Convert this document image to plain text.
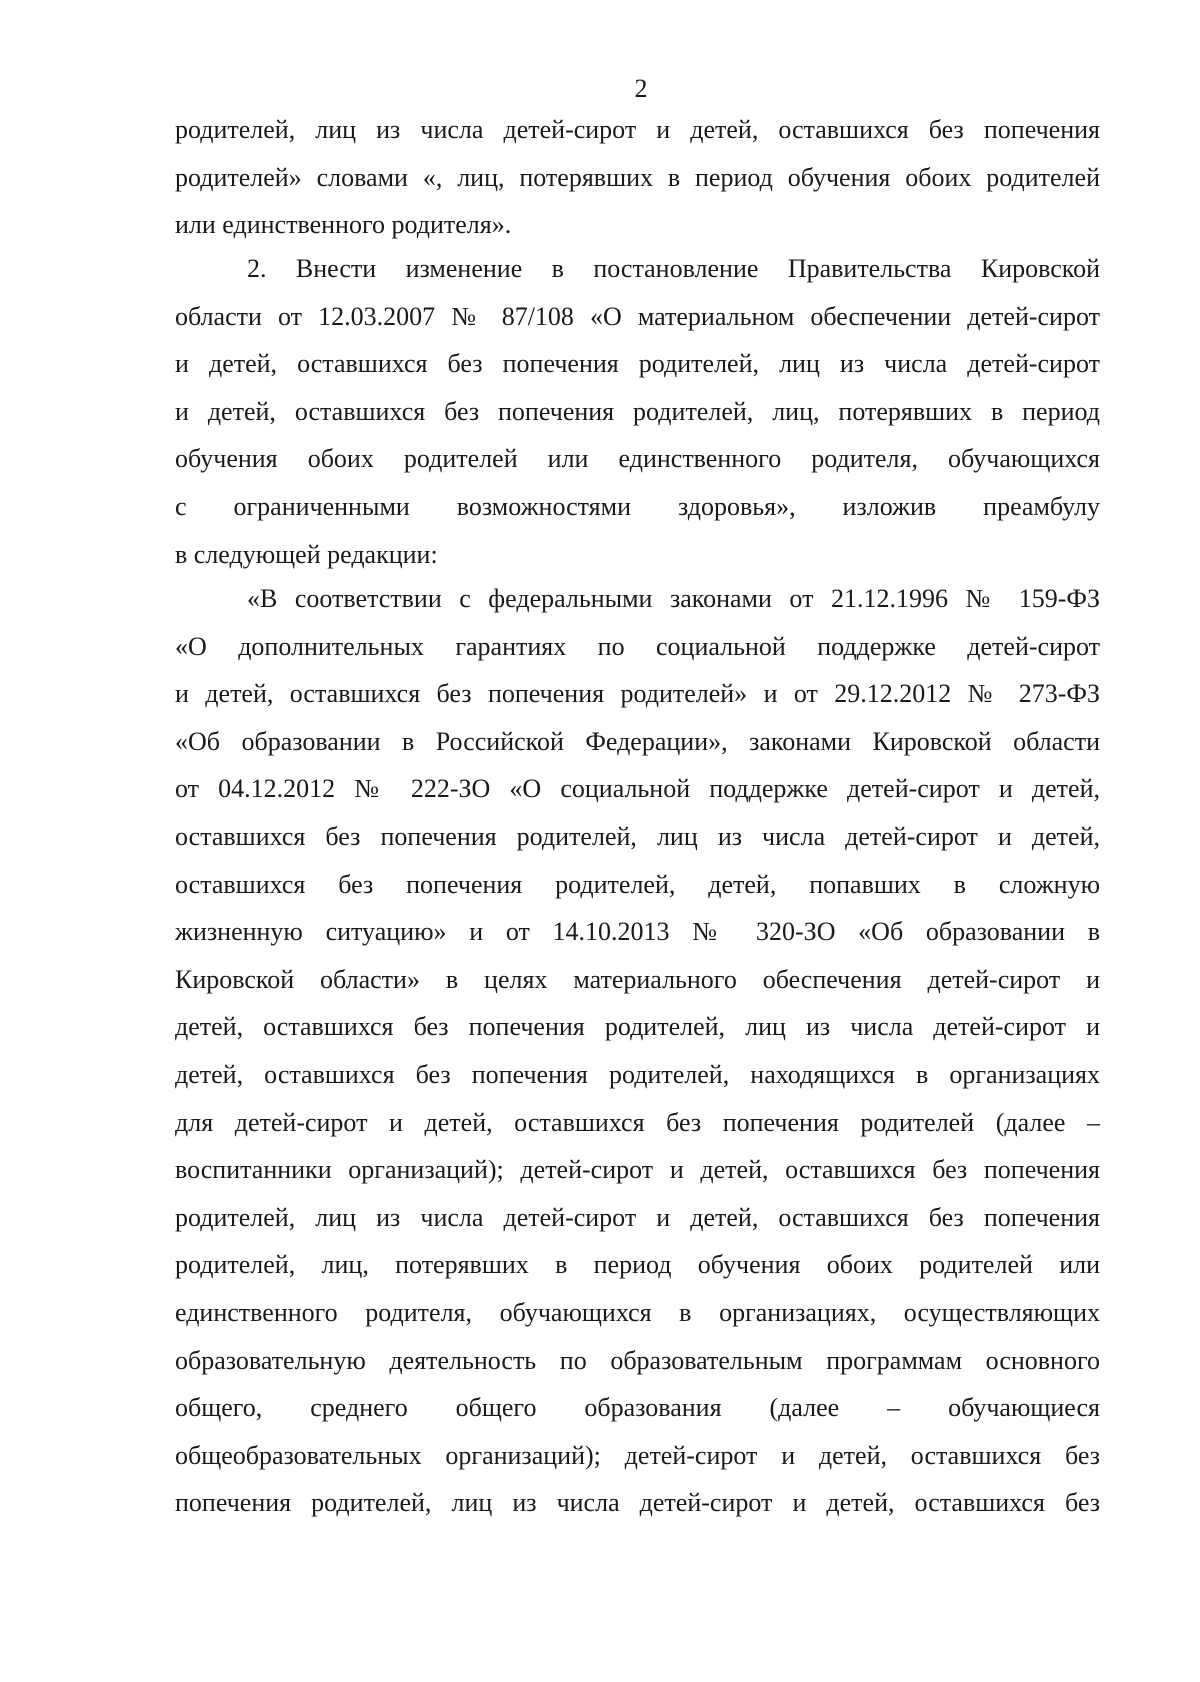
2
родителей, лиц из числа детей-сирот и детей, оставшихся без попечения
родителей» словами «, лиц, потерявших в период обучения обоих родителей
или единственного родителя».
2. Внести изменение в постановление Правительства Кировской
области от 12.03.2007 № 87/108 «О материальном обеспечении детей-сирот
и детей, оставшихся без попечения родителей, лиц из числа детей-сирот
и детей, оставшихся без попечения родителей, лиц, потерявших в период
обучения обоих родителей или единственного родителя, обучающихся
с ограниченными возможностями здоровья», изложив преамбулу
в следующей редакции:
«В соответствии с федеральными законами от 21.12.1996 № 159-ФЗ
«О дополнительных гарантиях по социальной поддержке детей-сирот
и детей, оставшихся без попечения родителей» и от 29.12.2012 № 273-ФЗ
«Об образовании в Российской Федерации», законами Кировской области
от 04.12.2012 № 222-ЗО «О социальной поддержке детей-сирот и детей,
оставшихся без попечения родителей, лиц из числа детей-сирот и детей,
оставшихся без попечения родителей, детей, попавших в сложную
жизненную ситуацию» и от 14.10.2013 № 320-ЗО «Об образовании в
Кировской области» в целях материального обеспечения детей-сирот и
детей, оставшихся без попечения родителей, лиц из числа детей-сирот и
детей, оставшихся без попечения родителей, находящихся в организациях
для детей-сирот и детей, оставшихся без попечения родителей (далее –
воспитанники организаций); детей-сирот и детей, оставшихся без попечения
родителей, лиц из числа детей-сирот и детей, оставшихся без попечения
родителей, лиц, потерявших в период обучения обоих родителей или
единственного родителя, обучающихся в организациях, осуществляющих
образовательную деятельность по образовательным программам основного
общего, среднего общего образования (далее – обучающиеся
общеобразовательных организаций); детей-сирот и детей, оставшихся без
попечения родителей, лиц из числа детей-сирот и детей, оставшихся без
